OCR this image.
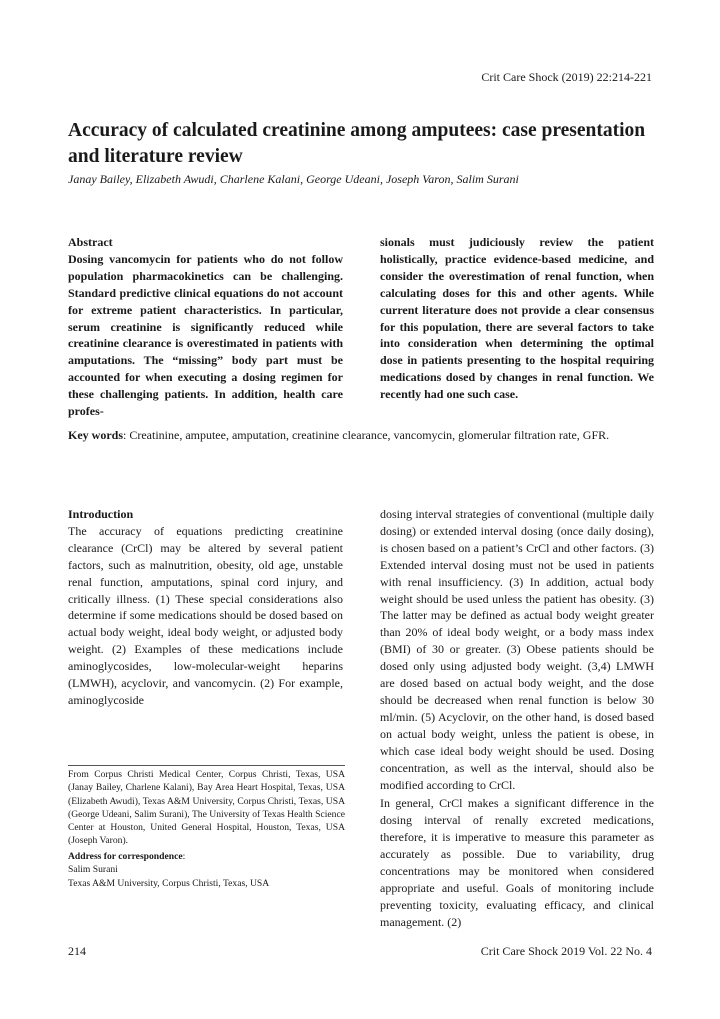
Crit Care Shock (2019) 22:214-221
Accuracy of calculated creatinine among amputees: case presentation and literature review

Janay Bailey, Elizabeth Awudi, Charlene Kalani, George Udeani, Joseph Varon, Salim Surani

Abstract

Dosing vancomycin for patients who do not follow population pharmacokinetics can be challenging. Standard predictive clinical equations do not account for extreme patient characteristics. In particular, serum creatinine is significantly reduced while creatinine clearance is overestimated in patients with amputations. The “missing” body part must be accounted for when executing a dosing regimen for these challenging patients. In addition, health care profes-

sionals must judiciously review the patient holistically, practice evidence-based medicine, and consider the overestimation of renal function, when calculating doses for this and other agents. While current literature does not provide a clear consensus for this population, there are several factors to take into consideration when determining the optimal dose in patients presenting to the hospital requiring medications dosed by changes in renal function. We recently had one such case.

Key words: Creatinine, amputee, amputation, creatinine clearance, vancomycin, glomerular filtration rate, GFR.

Introduction

The accuracy of equations predicting creatinine clearance (CrCl) may be altered by several patient factors, such as malnutrition, obesity, old age, unstable renal function, amputations, spinal cord injury, and critically illness. (1) These special considerations also determine if some medications should be dosed based on actual body weight, ideal body weight, or adjusted body weight. (2) Examples of these medications include aminoglycosides, low-molecular-weight heparins (LMWH), acyclovir, and vancomycin. (2) For example, aminoglycoside

dosing interval strategies of conventional (multiple daily dosing) or extended interval dosing (once daily dosing), is chosen based on a patient’s CrCl and other factors. (3) Extended interval dosing must not be used in patients with renal insufficiency. (3) In addition, actual body weight should be used unless the patient has obesity. (3) The latter may be defined as actual body weight greater than 20% of ideal body weight, or a body mass index (BMI) of 30 or greater. (3) Obese patients should be dosed only using adjusted body weight. (3,4) LMWH are dosed based on actual body weight, and the dose should be decreased when renal function is below 30 ml/min. (5) Acyclovir, on the other hand, is dosed based on actual body weight, unless the patient is obese, in which case ideal body weight should be used. Dosing concentration, as well as the interval, should also be modified according to CrCl.

In general, CrCl makes a significant difference in the dosing interval of renally excreted medications, therefore, it is imperative to measure this parameter as accurately as possible. Due to variability, drug concentrations may be monitored when considered appropriate and useful. Goals of monitoring include preventing toxicity, evaluating efficacy, and clinical management. (2)

From Corpus Christi Medical Center, Corpus Christi, Texas, USA (Janay Bailey, Charlene Kalani), Bay Area Heart Hospital, Texas, USA (Elizabeth Awudi), Texas A&M University, Corpus Christi, Texas, USA (George Udeani, Salim Surani), The University of Texas Health Science Center at Houston, United General Hospital, Houston, Texas, USA (Joseph Varon).

Address for correspondence:
Salim Surani
Texas A&M University, Corpus Christi, Texas, USA
214	Crit Care Shock 2019 Vol. 22 No. 4
